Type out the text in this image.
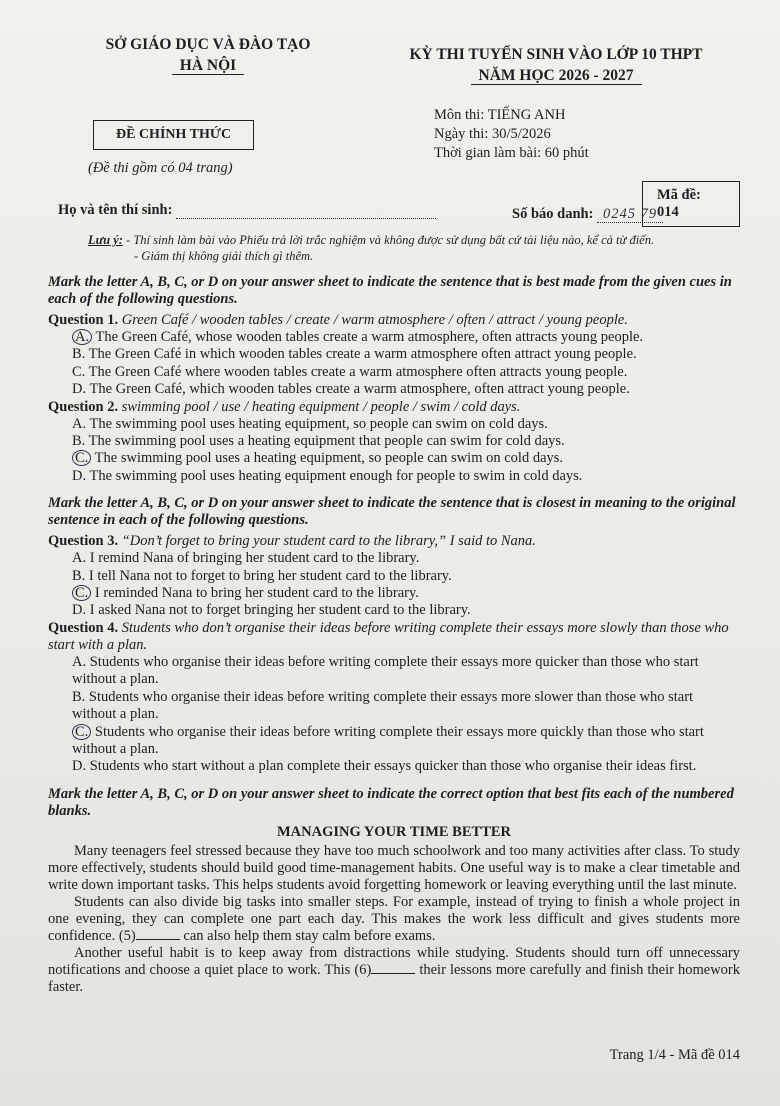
SỞ GIÁO DỤC VÀ ĐÀO TẠO
HÀ NỘI
KỲ THI TUYỂN SINH VÀO LỚP 10 THPT
NĂM HỌC 2026 - 2027
ĐỀ CHÍNH THỨC
(Đề thi gồm có 04 trang)
Môn thi: TIẾNG ANH
Ngày thi: 30/5/2026
Thời gian làm bài: 60 phút
Mã đề: 014
Họ và tên thí sinh:	Số báo danh: 0245 79
Lưu ý: - Thí sinh làm bài vào Phiếu trả lời trắc nghiệm và không được sử dụng bất cứ tài liệu nào, kể cả từ điển.
- Giám thị không giải thích gì thêm.
Mark the letter A, B, C, or D on your answer sheet to indicate the sentence that is best made from the given cues in each of the following questions.
Question 1. Green Café / wooden tables / create / warm atmosphere / often / attract / young people.
A. The Green Café, whose wooden tables create a warm atmosphere, often attracts young people.
B. The Green Café in which wooden tables create a warm atmosphere often attract young people.
C. The Green Café where wooden tables create a warm atmosphere often attracts young people.
D. The Green Café, which wooden tables create a warm atmosphere, often attract young people.
Question 2. swimming pool / use / heating equipment / people / swim / cold days.
A. The swimming pool uses heating equipment, so people can swim on cold days.
B. The swimming pool uses a heating equipment that people can swim for cold days.
C. The swimming pool uses a heating equipment, so people can swim on cold days.
D. The swimming pool uses heating equipment enough for people to swim in cold days.
Mark the letter A, B, C, or D on your answer sheet to indicate the sentence that is closest in meaning to the original sentence in each of the following questions.
Question 3. “Don’t forget to bring your student card to the library,” I said to Nana.
A. I remind Nana of bringing her student card to the library.
B. I tell Nana not to forget to bring her student card to the library.
C. I reminded Nana to bring her student card to the library.
D. I asked Nana not to forget bringing her student card to the library.
Question 4. Students who don’t organise their ideas before writing complete their essays more slowly than those who start with a plan.
A. Students who organise their ideas before writing complete their essays more quicker than those who start without a plan.
B. Students who organise their ideas before writing complete their essays more slower than those who start without a plan.
C. Students who organise their ideas before writing complete their essays more quickly than those who start without a plan.
D. Students who start without a plan complete their essays quicker than those who organise their ideas first.
Mark the letter A, B, C, or D on your answer sheet to indicate the correct option that best fits each of the numbered blanks.
MANAGING YOUR TIME BETTER

Many teenagers feel stressed because they have too much schoolwork and too many activities after class. To study more effectively, students should build good time-management habits. One useful way is to make a clear timetable and write down important tasks. This helps students avoid forgetting homework or leaving everything until the last minute.

Students can also divide big tasks into smaller steps. For example, instead of trying to finish a whole project in one evening, they can complete one part each day. This makes the work less difficult and gives students more confidence. (5)	can also help them stay calm before exams.

Another useful habit is to keep away from distractions while studying. Students should turn off unnecessary notifications and choose a quiet place to work. This (6)	their lessons more carefully and finish their homework faster.

Trang 1/4 - Mã đề 014
